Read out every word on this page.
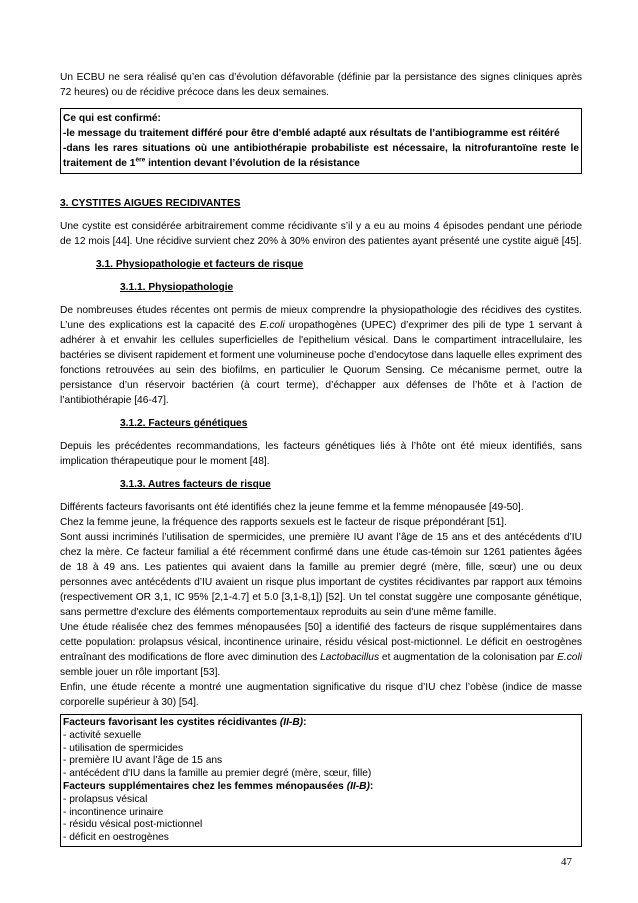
Un ECBU ne sera réalisé qu’en cas d’évolution défavorable (définie par la persistance des signes cliniques après 72 heures) ou de récidive précoce dans les deux semaines.

Ce qui est confirmé:

-le message du traitement différé pour être d'emblé adapté aux résultats de l’antibiogramme est réitéré

-dans les rares situations où une antibiothérapie probabiliste est nécessaire, la nitrofurantoïne reste le traitement de 1ère intention devant l’évolution de la résistance

3. CYSTITES AIGUES RECIDIVANTES

Une cystite est considérée arbitrairement comme récidivante s’il y a eu au moins 4 épisodes pendant une période de 12 mois [44]. Une récidive survient chez 20% à 30% environ des patientes ayant présenté une cystite aiguë [45].

3.1. Physiopathologie et facteurs de risque

3.1.1. Physiopathologie

De nombreuses études récentes ont permis de mieux comprendre la physiopathologie des récidives des cystites. L’une des explications est la capacité des E.coli uropathogènes (UPEC) d’exprimer des pili de type 1 servant à adhérer à et envahir les cellules superficielles de l'epithelium vésical. Dans le compartiment intracellulaire, les bactéries se divisent rapidement et forment une volumineuse poche d’endocytose dans laquelle elles expriment des fonctions retrouvées au sein des biofilms, en particulier le Quorum Sensing. Ce mécanisme permet, outre la persistance d’un réservoir bactérien (à court terme), d’échapper aux défenses de l’hôte et à l’action de l’antibiothérapie [46-47].

3.1.2. Facteurs génétiques

Depuis les précédentes recommandations, les facteurs génétiques liés à l’hôte ont été mieux identifiés, sans implication thérapeutique pour le moment [48].

3.1.3. Autres facteurs de risque

Différents facteurs favorisants ont été identifiés chez la jeune femme et la femme ménopausée [49-50].

Chez la femme jeune, la fréquence des rapports sexuels est le facteur de risque prépondérant [51].

Sont aussi incriminés l’utilisation de spermicides, une première IU avant l’âge de 15 ans et des antécédents d’IU chez la mère. Ce facteur familial a été récemment confirmé dans une étude cas-témoin sur 1261 patientes âgées de 18 à 49 ans. Les patientes qui avaient dans la famille au premier degré (mère, fille, sœur) une ou deux personnes avec antécédents d’IU avaient un risque plus important de cystites récidivantes par rapport aux témoins (respectivement OR 3,1, IC 95% [2,1-4.7] et 5.0 [3,1-8,1]) [52]. Un tel constat suggère une composante génétique, sans permettre d'exclure des éléments comportementaux reproduits au sein d'une même famille.

Une étude réalisée chez des femmes ménopausées [50] a identifié des facteurs de risque supplémentaires dans cette population: prolapsus vésical, incontinence urinaire, résidu vésical post-mictionnel. Le déficit en oestrogènes entraînant des modifications de flore avec diminution des Lactobacillus et augmentation de la colonisation par E.coli semble jouer un rôle important [53].

Enfin, une étude récente a montré une augmentation significative du risque d’IU chez l’obèse (indice de masse corporelle supérieur à 30) [54].

Facteurs favorisant les cystites récidivantes (II-B):

- activité sexuelle

- utilisation de spermicides

- première IU avant l’âge de 15 ans

- antécédent d'IU dans la famille au premier degré (mère, sœur, fille)

Facteurs supplémentaires chez les femmes ménopausées (II-B):

- prolapsus vésical

- incontinence urinaire

- résidu vésical post-mictionnel

- déficit en oestrogènes

47
